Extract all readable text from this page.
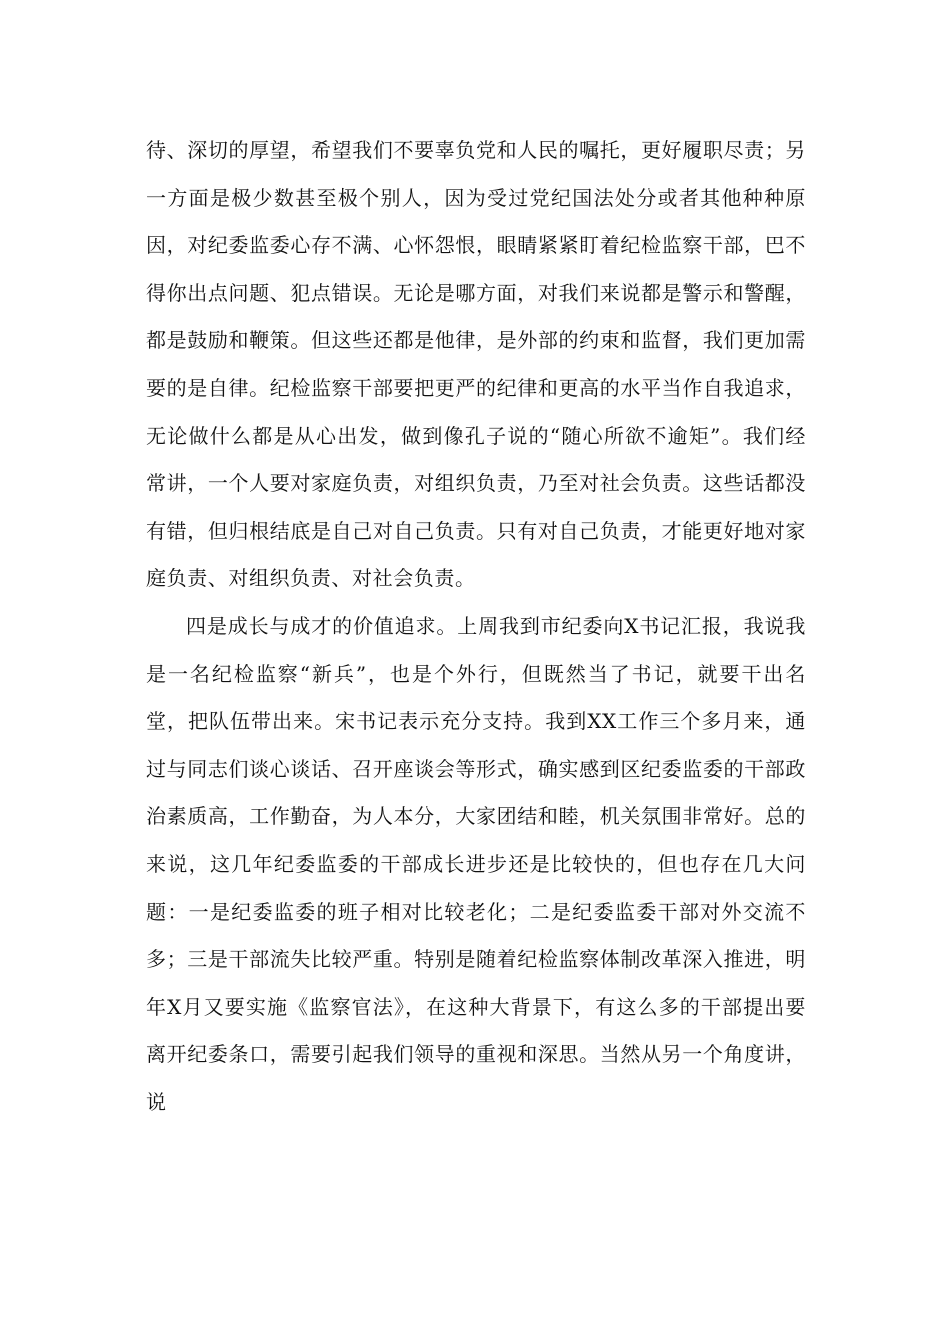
待、深切的厚望，希望我们不要辜负党和人民的嘱托，更好履职尽责；另一方面是极少数甚至极个别人，因为受过党纪国法处分或者其他种种原因，对纪委监委心存不满、心怀怨恨，眼睛紧紧盯着纪检监察干部，巴不得你出点问题、犯点错误。无论是哪方面，对我们来说都是警示和警醒，都是鼓励和鞭策。但这些还都是他律，是外部的约束和监督，我们更加需要的是自律。纪检监察干部要把更严的纪律和更高的水平当作自我追求，无论做什么都是从心出发，做到像孔子说的“随心所欲不逾矩”。我们经常讲，一个人要对家庭负责，对组织负责，乃至对社会负责。这些话都没有错，但归根结底是自己对自己负责。只有对自己负责，才能更好地对家庭负责、对组织负责、对社会负责。

四是成长与成才的价值追求。上周我到市纪委向X书记汇报，我说我是一名纪检监察“新兵”，也是个外行，但既然当了书记，就要干出名堂，把队伍带出来。宋书记表示充分支持。我到XX工作三个多月来，通过与同志们谈心谈话、召开座谈会等形式，确实感到区纪委监委的干部政治素质高，工作勤奋，为人本分，大家团结和睦，机关氛围非常好。总的来说，这几年纪委监委的干部成长进步还是比较快的，但也存在几大问题：一是纪委监委的班子相对比较老化；二是纪委监委干部对外交流不多；三是干部流失比较严重。特别是随着纪检监察体制改革深入推进，明年X月又要实施《监察官法》，在这种大背景下，有这么多的干部提出要离开纪委条口，需要引起我们领导的重视和深思。当然从另一个角度讲，说
